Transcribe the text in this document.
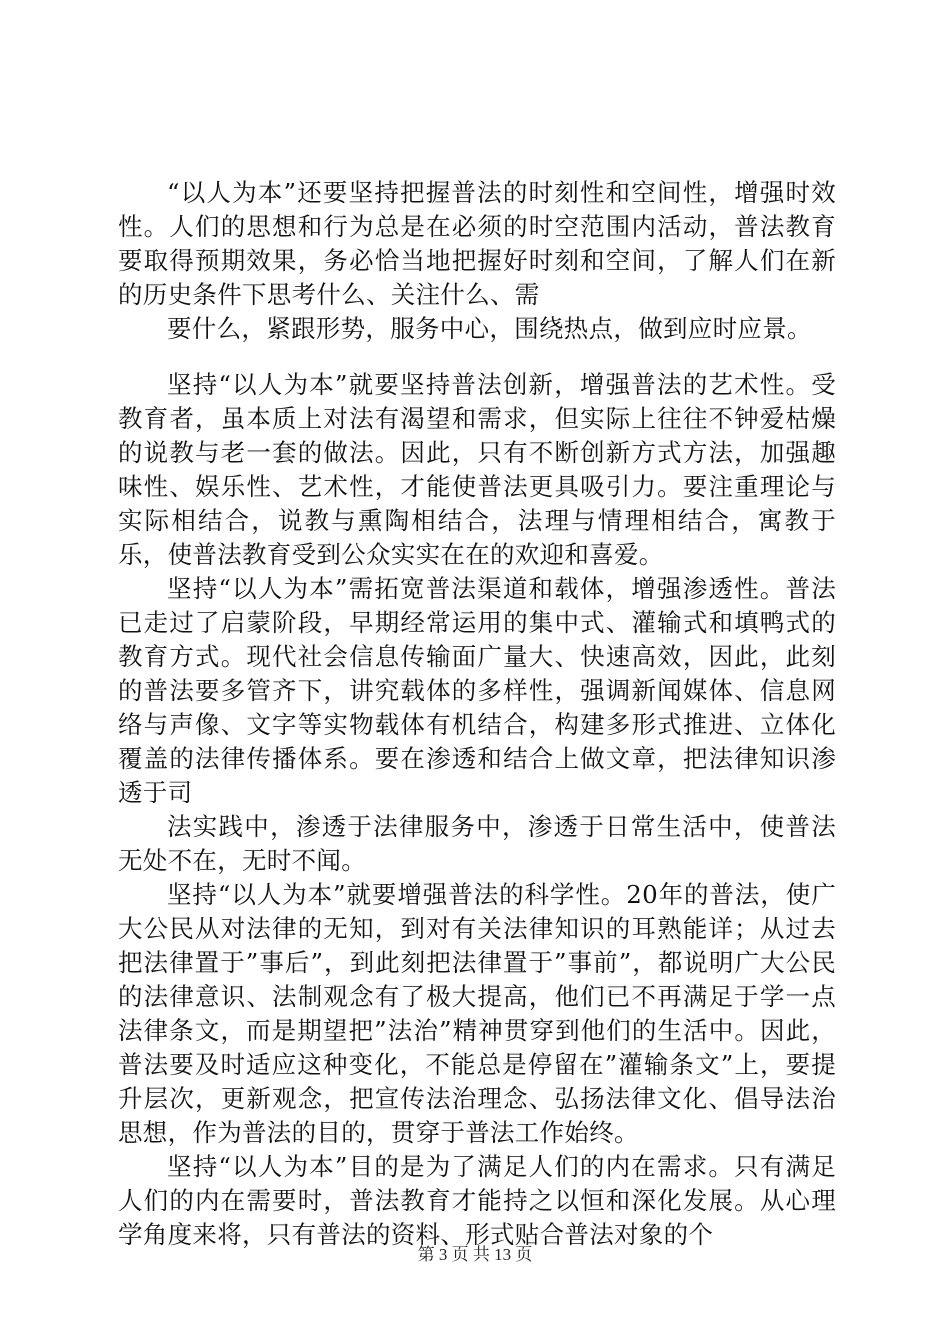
“以人为本”还要坚持把握普法的时刻性和空间性，增强时效性。人们的思想和行为总是在必须的时空范围内活动，普法教育要取得预期效果，务必恰当地把握好时刻和空间，了解人们在新的历史条件下思考什么、关注什么、需

要什么，紧跟形势，服务中心，围绕热点，做到应时应景。

坚持“以人为本”就要坚持普法创新，增强普法的艺术性。受教育者，虽本质上对法有渴望和需求，但实际上往往不钟爱枯燥的说教与老一套的做法。因此，只有不断创新方式方法，加强趣味性、娱乐性、艺术性，才能使普法更具吸引力。要注重理论与实际相结合，说教与熏陶相结合，法理与情理相结合，寓教于乐，使普法教育受到公众实实在在的欢迎和喜爱。

坚持“以人为本”需拓宽普法渠道和载体，增强渗透性。普法已走过了启蒙阶段，早期经常运用的集中式、灌输式和填鸭式的教育方式。现代社会信息传输面广量大、快速高效，因此，此刻的普法要多管齐下，讲究载体的多样性，强调新闻媒体、信息网络与声像、文字等实物载体有机结合，构建多形式推进、立体化覆盖的法律传播体系。要在渗透和结合上做文章，把法律知识渗透于司

法实践中，渗透于法律服务中，渗透于日常生活中，使普法无处不在，无时不闻。

坚持“以人为本”就要增强普法的科学性。20年的普法，使广大公民从对法律的无知，到对有关法律知识的耳熟能详；从过去把法律置于”事后”，到此刻把法律置于”事前”，都说明广大公民的法律意识、法制观念有了极大提高，他们已不再满足于学一点法律条文，而是期望把”法治”精神贯穿到他们的生活中。因此，普法要及时适应这种变化，不能总是停留在”灌输条文”上，要提升层次，更新观念，把宣传法治理念、弘扬法律文化、倡导法治思想，作为普法的目的，贯穿于普法工作始终。

坚持“以人为本”目的是为了满足人们的内在需求。只有满足人们的内在需要时，普法教育才能持之以恒和深化发展。从心理学角度来将，只有普法的资料、形式贴合普法对象的个

第 3 页 共 13 页
